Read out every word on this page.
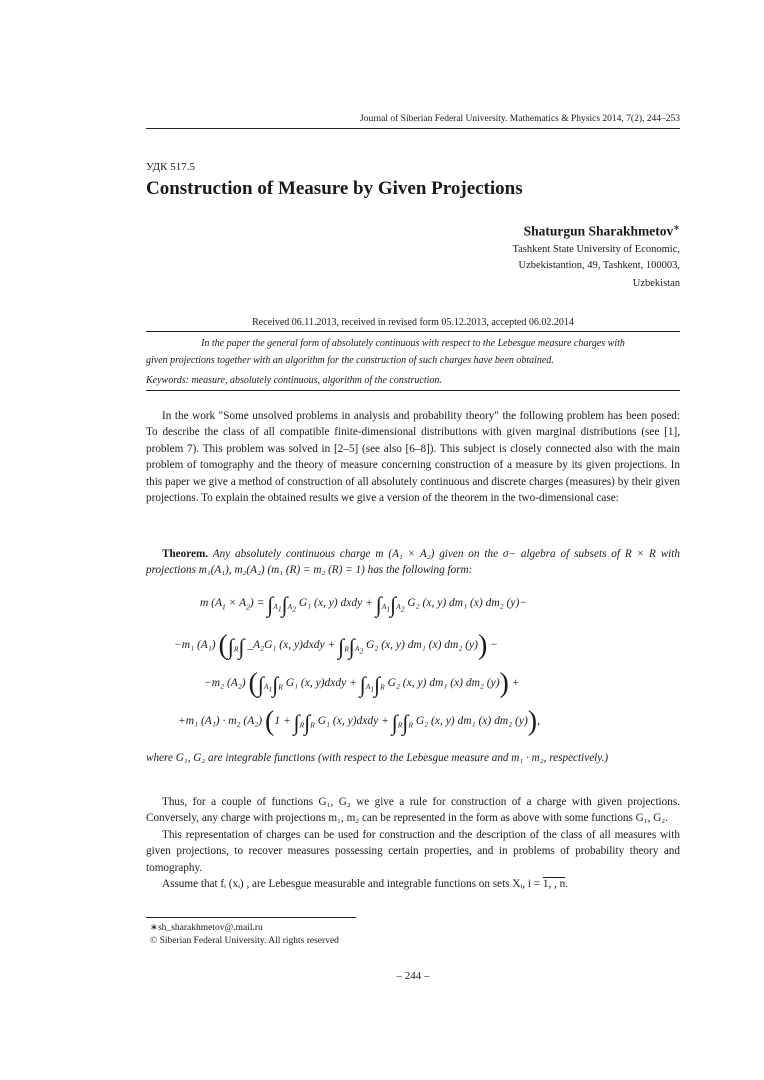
Journal of Siberian Federal University. Mathematics & Physics 2014, 7(2), 244–253
УДК 517.5
Construction of Measure by Given Projections
Shaturgun Sharakhmetov∗
Tashkent State University of Economic,
Uzbekistantion, 49, Tashkent, 100003,

Uzbekistan
Received 06.11.2013, received in revised form 05.12.2013, accepted 06.02.2014
In the paper the general form of absolutely continuous with respect to the Lebesgue measure charges with
given projections together with an algorithm for the construction of such charges have been obtained.
Keywords: measure, absolutely continuous, algorithm of the construction.
In the work "Some unsolved problems in analysis and probability theory" the following problem has been posed: To describe the class of all compatible finite-dimensional distributions with given marginal distributions (see [1], problem 7). This problem was solved in [2–5] (see also [6–8]). This subject is closely connected also with the main problem of tomography and the theory of measure concerning construction of a measure by its given projections. In this paper we give a method of construction of all absolutely continuous and discrete charges (measures) by their given projections. To explain the obtained results we give a version of the theorem in the two-dimensional case:
Theorem. Any absolutely continuous charge m (A₁ × A₂) given on the σ− algebra of subsets of R × R with projections m₁(A₁), m₂(A₂) (m₁ (R) = m₂ (R) = 1) has the following form:
m $(A_1 \times A_2) = \int_{A_1}\int_{A_2}$ G₁ (x, y) dxdy + $\int_{A_1}\int_{A_2}$ G₂ (x, y) dm₁ (x) dm₂ (y)−
−m₁ (A₁) ($\int_R\int$ _A₂G₁ (x, y)dxdy + $\int_R\int_{A_2}$ G₂ (x, y) dm₁ (x) dm₂ (y)) −
−m₂ (A₂) ($\int_{A_1}\int_R$ G₁ (x, y)dxdy + $\int_{A_1}\int_R$ G₂ (x, y) dm₁ (x) dm₂ (y)) +
+m₁ (A₁) · m₂ (A₂) ($1 + \int_R\int_R$ G₁ (x, y)dxdy + $\int_R\int_R$ G₂ (x, y) dm₁ (x) dm₂ (y)),
where G₁, G₂ are integrable functions (with respect to the Lebesgue measure and m₁ · m₂, respectively.)
Thus, for a couple of functions G₁, G₂ we give a rule for construction of a charge with given projections. Conversely, any charge with projections m₁, m₂ can be represented in the form as above with some functions G₁, G₂.
This representation of charges can be used for construction and the description of the class of all measures with given projections, to recover measures possessing certain properties, and in problems of probability theory and tomography.
Assume that fᵢ (xᵢ) , are Lebesgue measurable and integrable functions on sets Xᵢ, i = 1, , n.
∗sh_sharakhmetov@.mail.ru
© Siberian Federal University. All rights reserved
– 244 –
